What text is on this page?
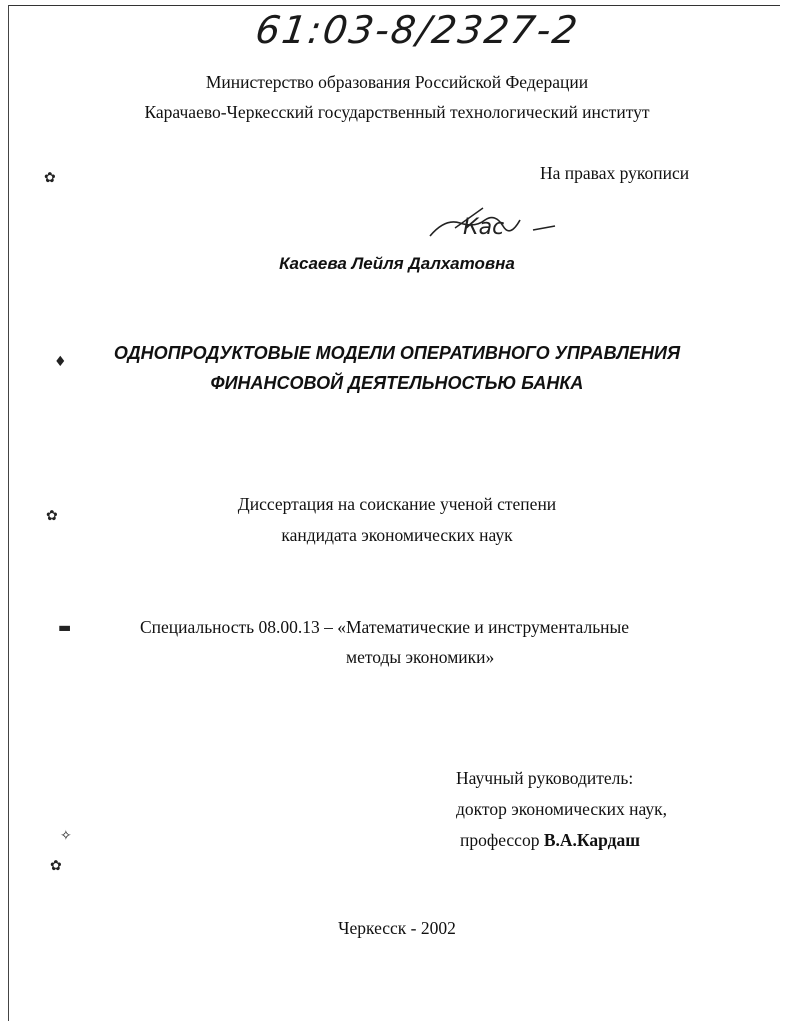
61:03-8/2327-2
Министерство образования Российской Федерации
Карачаево-Черкесский государственный технологический институт
На правах рукописи
Кас
Касаева Лейля Далхатовна
ОДНОПРОДУКТОВЫЕ МОДЕЛИ ОПЕРАТИВНОГО УПРАВЛЕНИЯ
ФИНАНСОВОЙ ДЕЯТЕЛЬНОСТЬЮ БАНКА
Диссертация на соискание ученой степени
кандидата экономических наук
Специальность 08.00.13 – «Математические и инструментальные
методы экономики»
Научный руководитель:
доктор экономических наук,
профессор В.А.Кардаш
Черкесск - 2002
✿
♦
✿
▬
✧
✿
